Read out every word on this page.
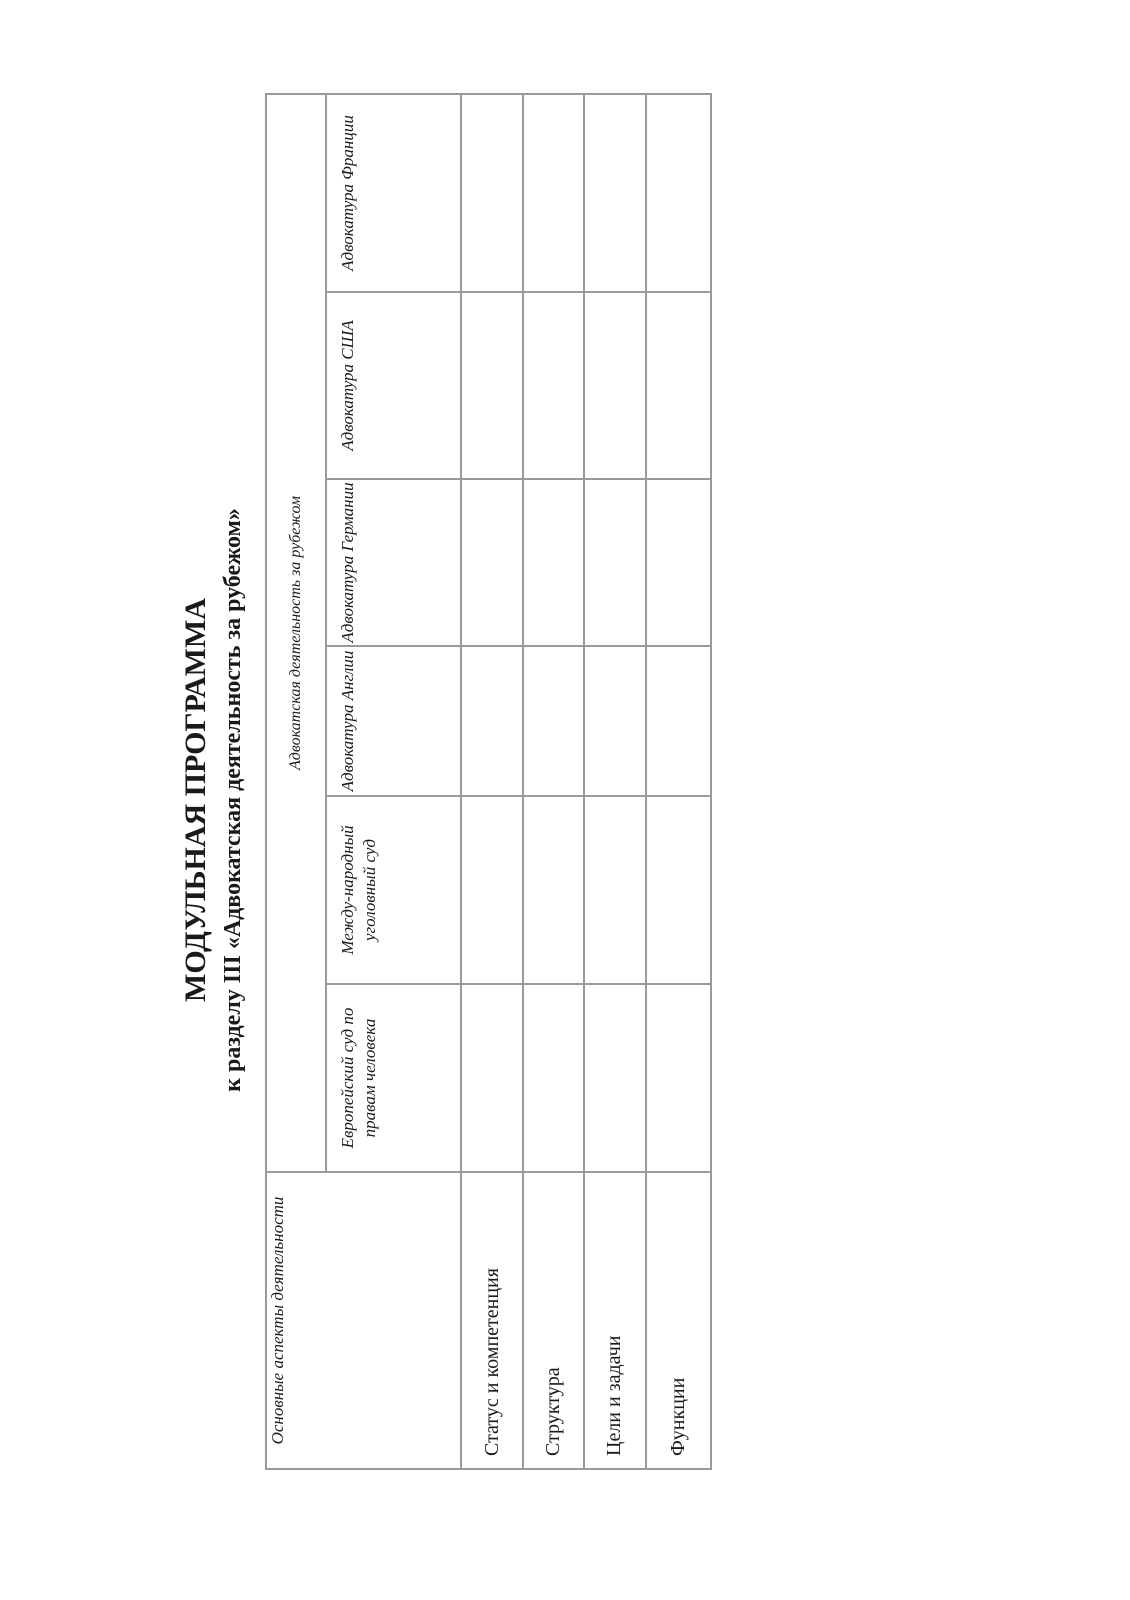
МОДУЛЬНАЯ ПРОГРАММА к разделу III «Адвокатская деятельность за рубежом»
Основные аспекты деятельности	Адвокатская деятельность за рубежом					
	Европейский суд по правам человека	Между-народный уголовный суд	Адвокатура Англии	Адвокатура Германии	Адвокатура США	Адвокатура Франции
Статус и компетенция						
Структура						
Цели и задачи						
Функции						
